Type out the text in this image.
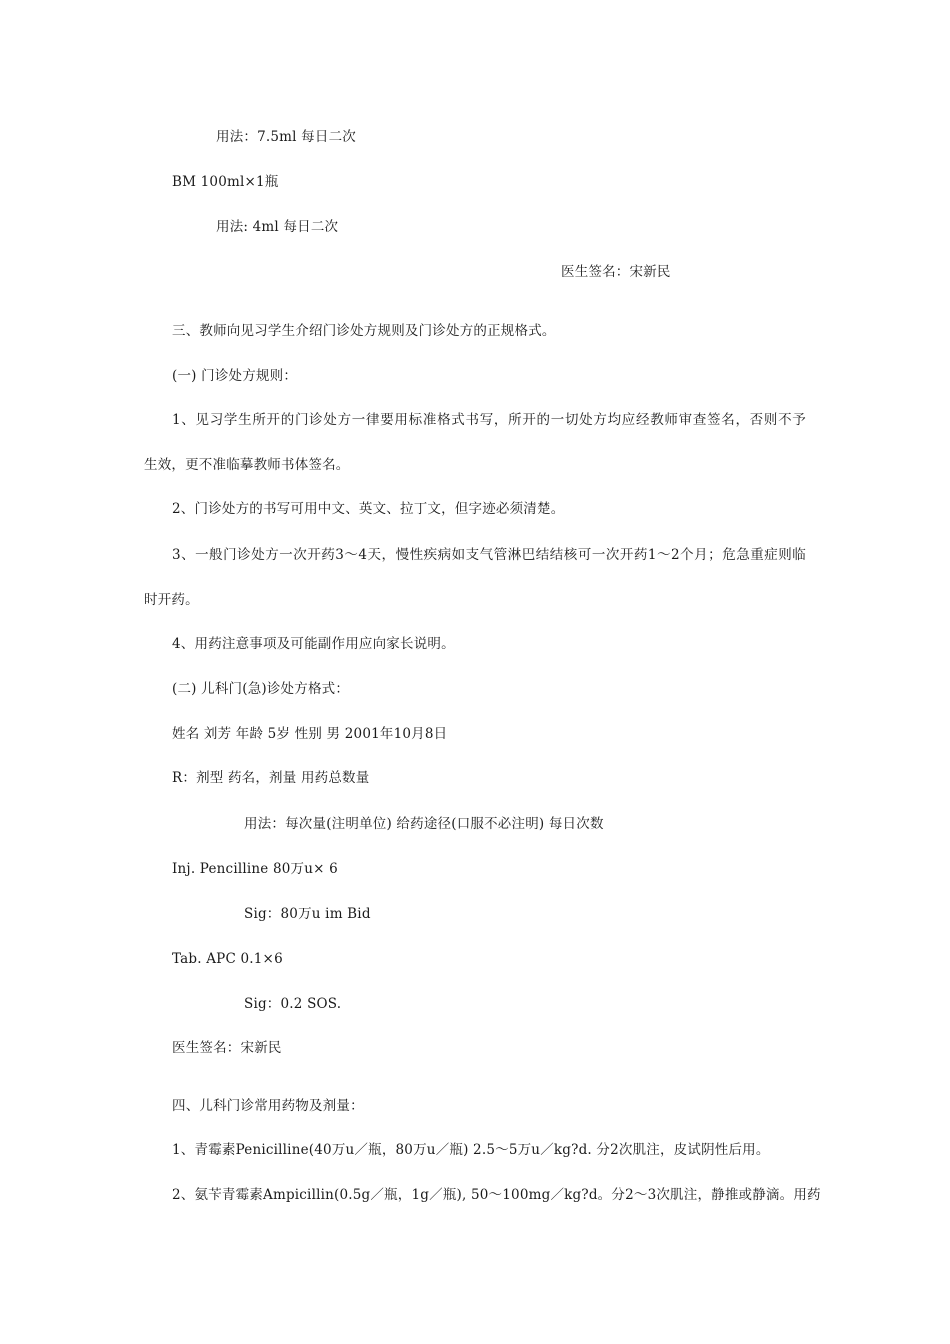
用法：7.5ml 每日二次
BM 100ml×1瓶
用法: 4ml 每日二次
医生签名：宋新民
三、教师向见习学生介绍门诊处方规则及门诊处方的正规格式。
(一) 门诊处方规则：
1、见习学生所开的门诊处方一律要用标准格式书写，所开的一切处方均应经教师审查签名，否则不予
生效，更不准临摹教师书体签名。
2、门诊处方的书写可用中文、英文、拉丁文，但字迹必须清楚。
3、一般门诊处方一次开药3～4天，慢性疾病如支气管淋巴结结核可一次开药1～2个月；危急重症则临
时开药。
4、用药注意事项及可能副作用应向家长说明。
(二) 儿科门(急)诊处方格式：
姓名 刘芳 年龄 5岁 性别 男 2001年10月8日
R：剂型 药名，剂量 用药总数量
用法：每次量(注明单位) 给药途径(口服不必注明) 每日次数
Inj. Pencilline 80万u× 6
Sig：80万u im Bid
Tab. APC 0.1×6
Sig：0.2 SOS.
医生签名：宋新民
四、儿科门诊常用药物及剂量：
1、青霉素Penicilline(40万u／瓶，80万u／瓶) 2.5～5万u／kg?d. 分2次肌注，皮试阴性后用。
2、氨苄青霉素Ampicillin(0.5g／瓶，1g／瓶), 50～100mg／kg?d。分2～3次肌注，静推或静滴。用药
